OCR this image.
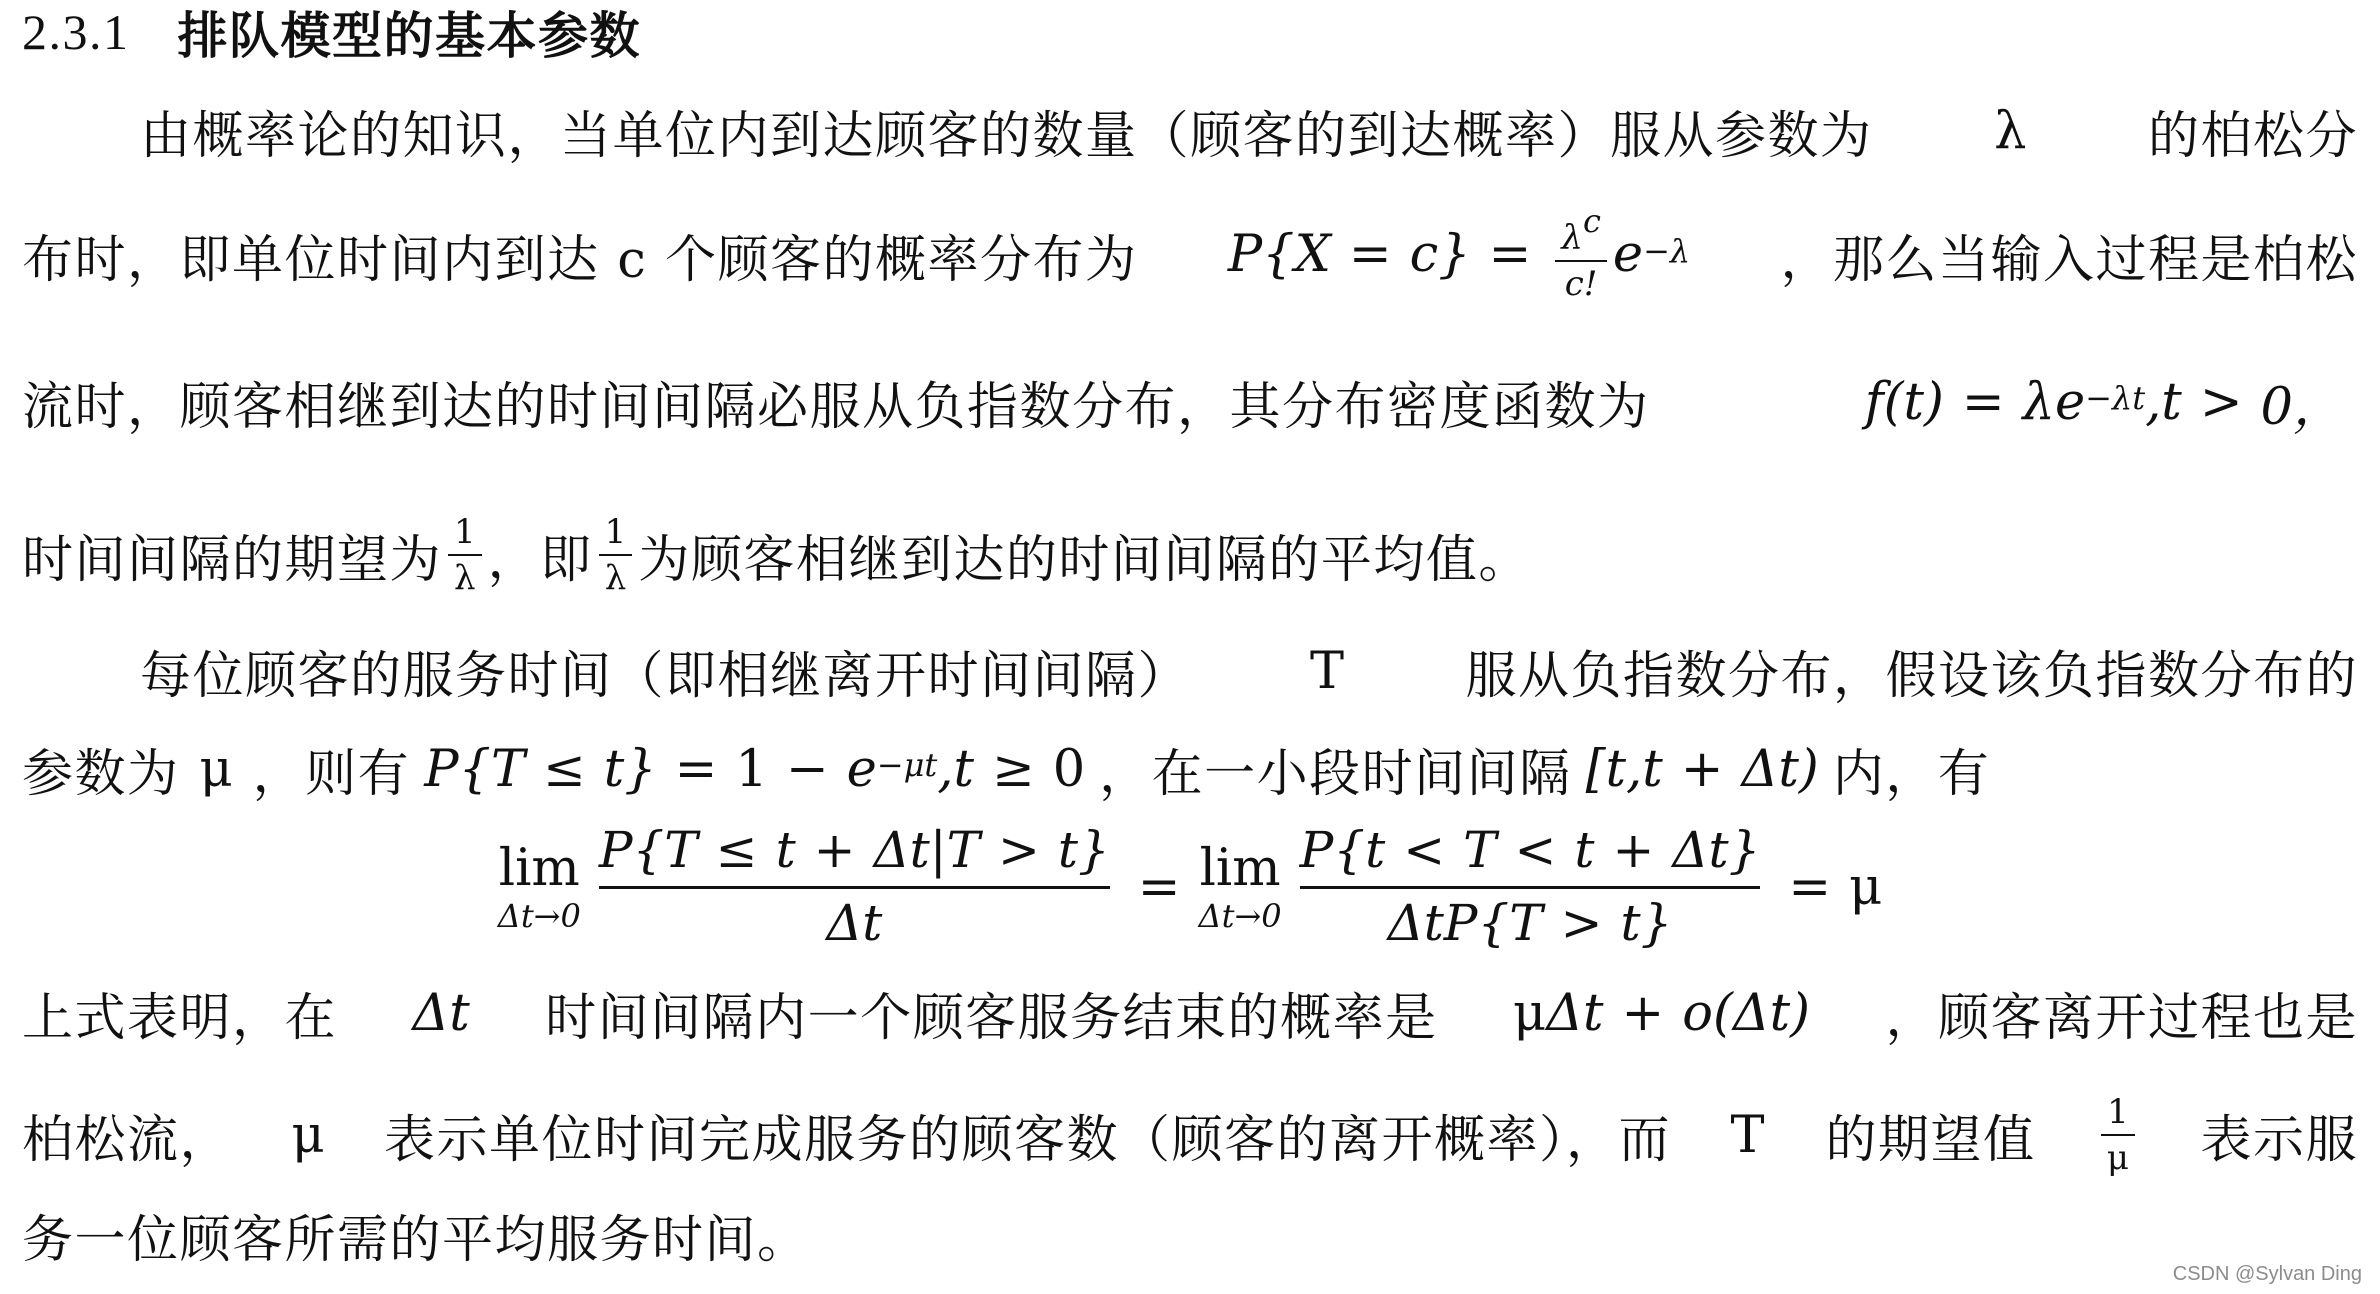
2.3.1 排队模型的基本参数
由概率论的知识，当单位内到达顾客的数量（顾客的到达概率）服从参数为 λ 的柏松分
布时，即单位时间内到达 c 个顾客的概率分布为 $P\{X = c\} = \frac{\lambda^c}{c!} e^{-\lambda}$ ，那么当输入过程是柏松
流时，顾客相继到达的时间间隔必服从负指数分布，其分布密度函数为	$f(t) = \lambda e^{-\lambda t}$ ,t > 0，
时间间隔的期望为 $\frac{1}{\lambda}$ ，即 $\frac{1}{\lambda}$ 为顾客相继到达的时间间隔的平均值。
每位顾客的服务时间（即相继离开时间间隔） T 服从负指数分布，假设该负指数分布的
参数为 μ ，则有 $P\{T \le t\} = 1 - e^{-\mu t}$ ,t ≥ 0 ，在一小段时间间隔 [t,t + Δt) 内，有
lim
$\Delta t\to 0 \frac{P\{T \le t + \Delta t|T > t\}}{\Delta t} = \lim$
$\Delta t\to 0 \frac{P\{t < T < t + \Delta t\}}{\text{ΔtP\{T > t\}}} = \mu$
上式表明，在 Δt 时间间隔内一个顾客服务结束的概率是 μ Δt + o(Δt) ，顾客离开过程也是
柏松流， μ 表示单位时间完成服务的顾客数（顾客的离开概率），而 T 的期望值 $\frac{1}{\mu}$ 表示服
务一位顾客所需的平均服务时间。
CSDN @Sylvan Ding
